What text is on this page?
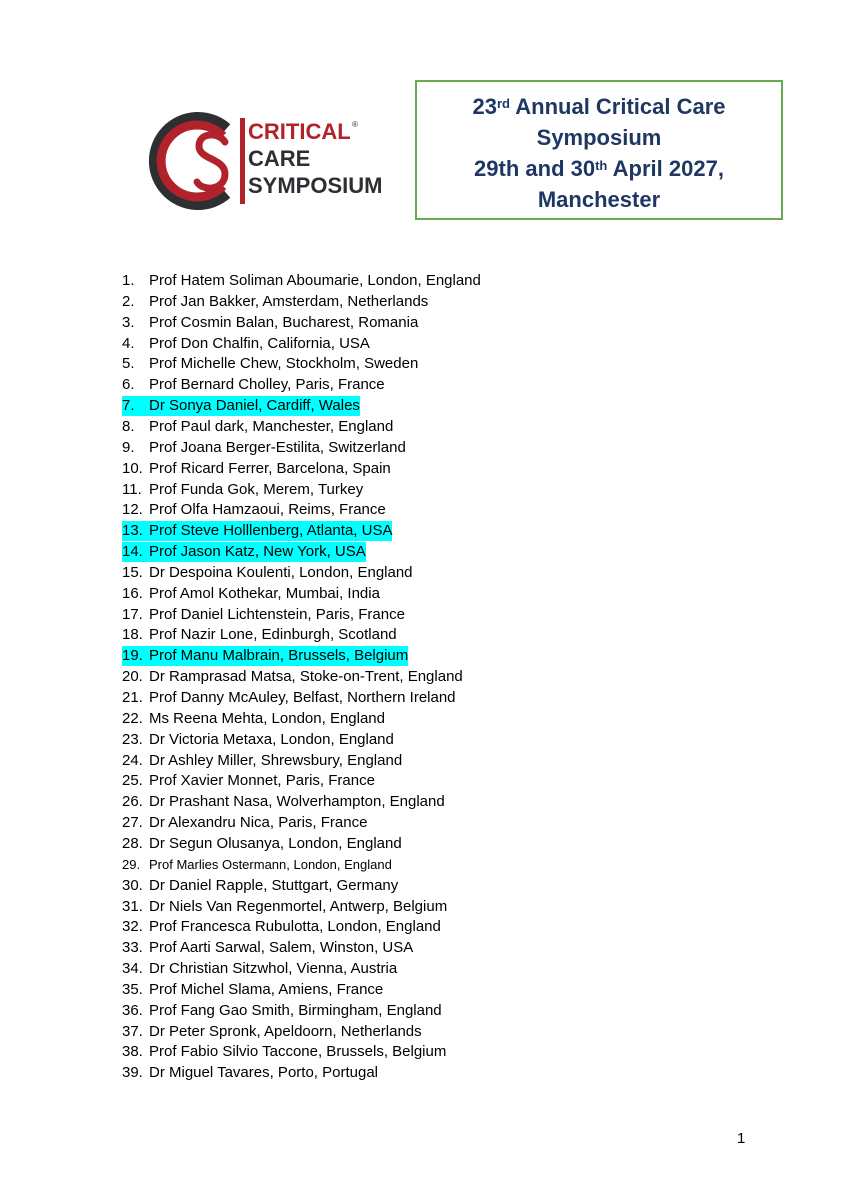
CRITICAL
CARE
SYMPOSIUM
®
23rd Annual Critical Care
Symposium
29th and 30th April 2027,
Manchester
1. Prof Hatem Soliman Aboumarie, London, England
2. Prof Jan Bakker, Amsterdam, Netherlands
3. Prof Cosmin Balan, Bucharest, Romania
4. Prof Don Chalfin, California, USA
5. Prof Michelle Chew, Stockholm, Sweden
6. Prof Bernard Cholley, Paris, France
7. Dr Sonya Daniel, Cardiff, Wales
8. Prof Paul dark, Manchester, England
9. Prof Joana Berger-Estilita, Switzerland
10. Prof Ricard Ferrer, Barcelona, Spain
11. Prof Funda Gok, Merem, Turkey
12. Prof Olfa Hamzaoui, Reims, France
13. Prof Steve Holllenberg, Atlanta, USA
14. Prof Jason Katz, New York, USA
15. Dr Despoina Koulenti, London, England
16. Prof Amol Kothekar, Mumbai, India
17. Prof Daniel Lichtenstein, Paris, France
18. Prof Nazir Lone, Edinburgh, Scotland
19. Prof Manu Malbrain, Brussels, Belgium
20. Dr Ramprasad Matsa, Stoke-on-Trent, England
21. Prof Danny McAuley, Belfast, Northern Ireland
22. Ms Reena Mehta, London, England
23. Dr Victoria Metaxa, London, England
24. Dr Ashley Miller, Shrewsbury, England
25. Prof Xavier Monnet, Paris, France
26. Dr Prashant Nasa, Wolverhampton, England
27. Dr Alexandru Nica, Paris, France
28. Dr Segun Olusanya, London, England
29. Prof Marlies Ostermann, London, England
30. Dr Daniel Rapple, Stuttgart, Germany
31. Dr Niels Van Regenmortel, Antwerp, Belgium
32. Prof Francesca Rubulotta, London, England
33. Prof Aarti Sarwal, Salem, Winston, USA
34. Dr Christian Sitzwhol, Vienna, Austria
35. Prof Michel Slama, Amiens, France
36. Prof Fang Gao Smith, Birmingham, England
37. Dr Peter Spronk, Apeldoorn, Netherlands
38. Prof Fabio Silvio Taccone, Brussels, Belgium
39. Dr Miguel Tavares, Porto, Portugal
1
